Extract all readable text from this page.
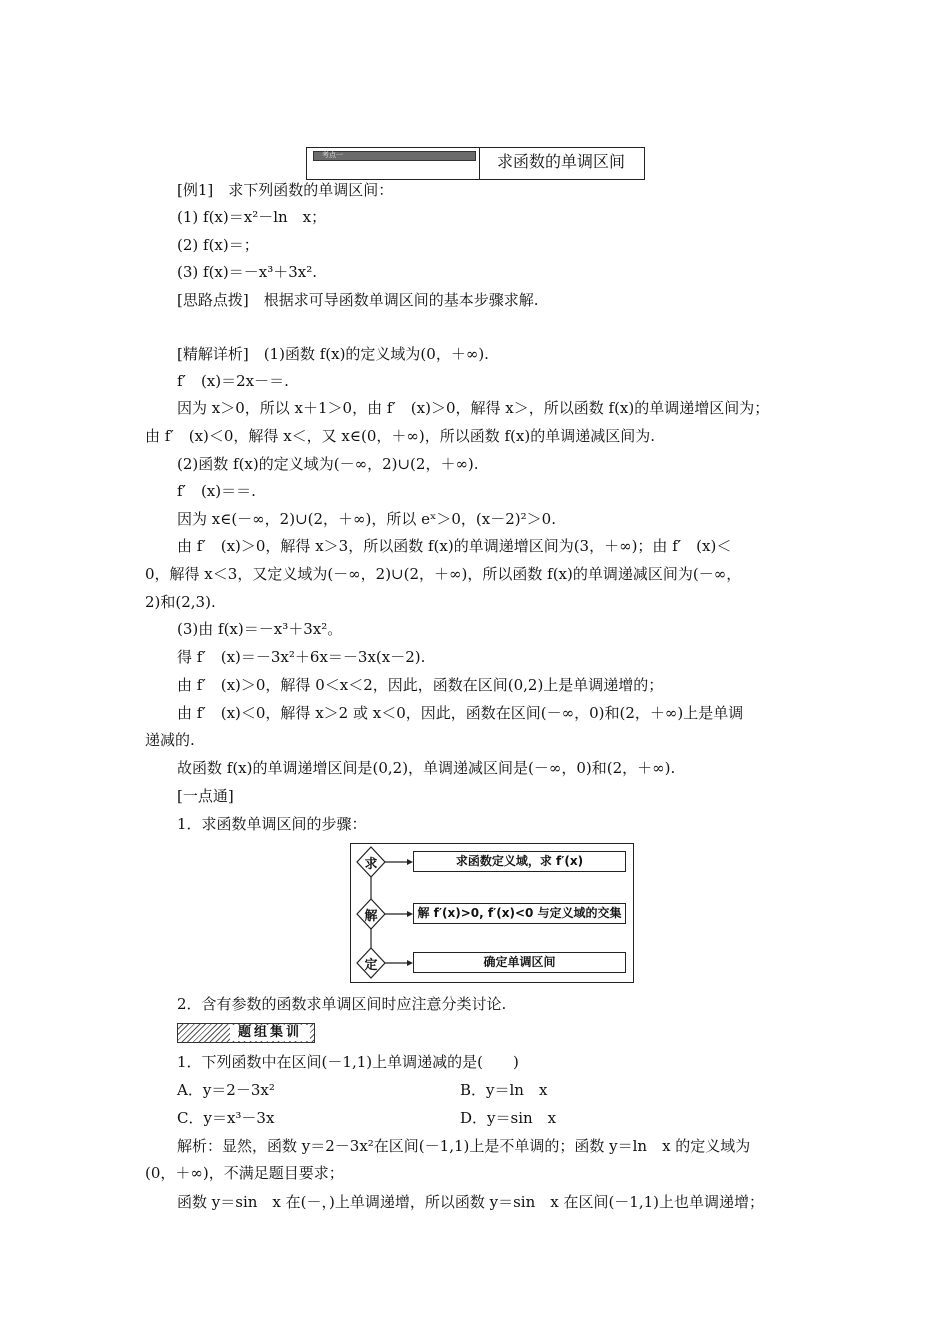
考点一	求函数的单调区间
[例1]　求下列函数的单调区间：
(1) f(x)＝x²－ln　x；
(2) f(x)＝；
(3) f(x)＝－x³＋3x².
[思路点拨]　根据求可导函数单调区间的基本步骤求解.
[精解详析]　(1)函数 f(x)的定义域为(0，＋∞).
f′　(x)＝2x－＝.
因为 x＞0，所以 x＋1＞0，由 f′　(x)＞0，解得 x＞，所以函数 f(x)的单调递增区间为；
由 f′　(x)＜0，解得 x＜，又 x∈(0，＋∞)，所以函数 f(x)的单调递减区间为.
(2)函数 f(x)的定义域为(－∞，2)∪(2，＋∞).
f′　(x)＝＝.
因为 x∈(－∞，2)∪(2，＋∞)，所以 eˣ＞0，(x－2)²＞0.
由 f′　(x)＞0，解得 x＞3，所以函数 f(x)的单调递增区间为(3，＋∞)；由 f′　(x)＜
0，解得 x＜3，又定义域为(－∞，2)∪(2，＋∞)，所以函数 f(x)的单调递减区间为(－∞，
2)和(2,3).
(3)由 f(x)＝－x³＋3x²。
得 f′　(x)＝－3x²＋6x＝－3x(x－2).
由 f′　(x)＞0，解得 0＜x＜2，因此，函数在区间(0,2)上是单调递增的；
由 f′　(x)＜0，解得 x＞2 或 x＜0，因此，函数在区间(－∞，0)和(2，＋∞)上是单调
递减的.
故函数 f(x)的单调递增区间是(0,2)，单调递减区间是(－∞，0)和(2，＋∞).
[一点通]
1．求函数单调区间的步骤：
求
解
定
求函数定义域，求 f′(x)
解 f′(x)>0, f′(x)<0 与定义域的交集
确定单调区间
2．含有参数的函数求单调区间时应注意分类讨论.
题组集训
1．下列函数中在区间(－1,1)上单调递减的是(　　)
A．y＝2－3x²	B．y＝ln　x
C．y＝x³－3x	D．y＝sin　x
解析：显然，函数 y＝2－3x²在区间(－1,1)上是不单调的；函数 y＝ln　x 的定义域为
(0，＋∞)，不满足题目要求；
函数 y＝sin　x 在(－，)上单调递增，所以函数 y＝sin　x 在区间(－1,1)上也单调递增；
